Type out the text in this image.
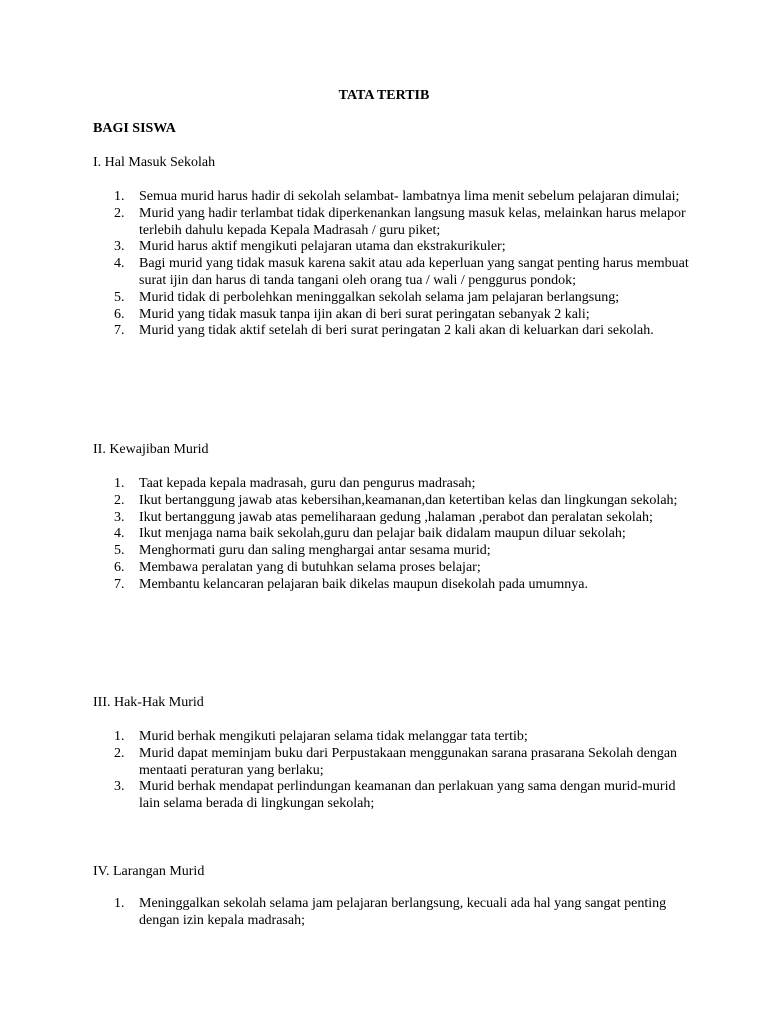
TATA TERTIB
BAGI SISWA
I. Hal Masuk Sekolah
1. Semua murid harus hadir di sekolah selambat- lambatnya lima menit sebelum pelajaran dimulai;
2. Murid yang hadir terlambat tidak diperkenankan langsung masuk kelas, melainkan harus melapor terlebih dahulu kepada Kepala Madrasah / guru piket;
3. Murid harus aktif mengikuti pelajaran utama dan ekstrakurikuler;
4. Bagi murid yang tidak masuk karena sakit atau ada keperluan yang sangat penting harus membuat surat ijin dan harus di tanda tangani oleh orang tua / wali / penggurus pondok;
5. Murid tidak di perbolehkan meninggalkan sekolah selama jam pelajaran berlangsung;
6. Murid yang tidak masuk tanpa ijin akan di beri surat peringatan sebanyak 2 kali;
7. Murid yang tidak aktif setelah di beri surat peringatan 2 kali akan di keluarkan dari sekolah.
II. Kewajiban Murid
1. Taat kepada kepala madrasah, guru dan pengurus madrasah;
2. Ikut bertanggung jawab atas kebersihan,keamanan,dan ketertiban kelas dan lingkungan sekolah;
3. Ikut bertanggung jawab atas pemeliharaan gedung ,halaman ,perabot dan peralatan sekolah;
4. Ikut menjaga nama baik sekolah,guru dan pelajar baik didalam maupun diluar sekolah;
5. Menghormati guru dan saling menghargai antar sesama murid;
6. Membawa peralatan yang di butuhkan selama proses belajar;
7. Membantu kelancaran pelajaran baik dikelas maupun disekolah pada umumnya.
III. Hak-Hak Murid
1. Murid berhak mengikuti pelajaran selama tidak melanggar tata tertib;
2. Murid dapat meminjam buku dari Perpustakaan menggunakan sarana prasarana Sekolah dengan mentaati peraturan yang berlaku;
3. Murid berhak mendapat perlindungan keamanan dan perlakuan yang sama dengan murid-murid lain selama berada di lingkungan sekolah;
IV. Larangan Murid
1. Meninggalkan sekolah selama jam pelajaran berlangsung, kecuali ada hal yang sangat penting dengan izin kepala madrasah;
